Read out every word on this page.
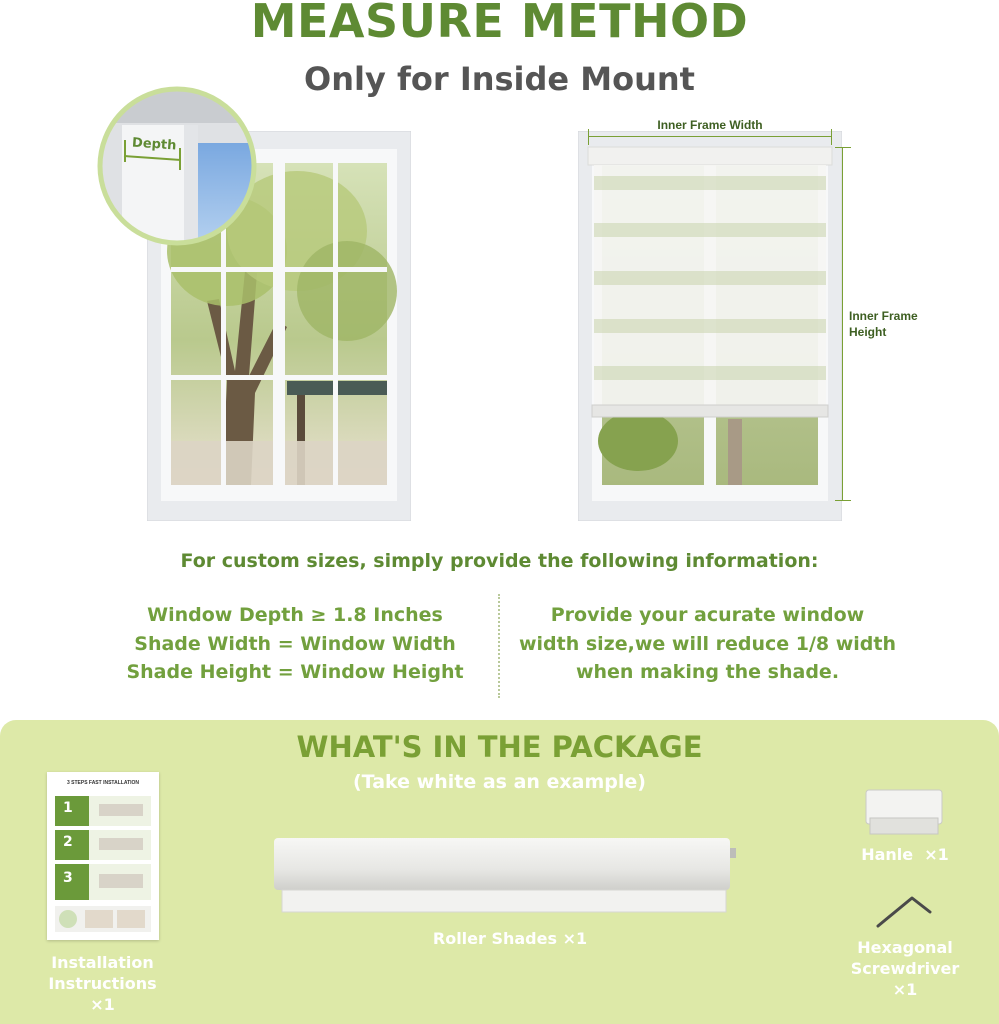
MEASURE METHOD
Only for Inside Mount
Depth
Inner Frame Width
Inner Frame
Height
For custom sizes, simply provide the following information:
Window Depth ≥ 1.8 Inches
Shade Width = Window Width
Shade Height = Window Height
Provide your acurate window
width size,we will reduce 1/8 width
when making the shade.
WHAT'S IN THE PACKAGE
(Take white as an example)
3 STEPS FAST INSTALLATION
1
2
3
Installation
Instructions
×1
Roller Shades ×1
Hanle  ×1
Hexagonal
Screwdriver
×1
